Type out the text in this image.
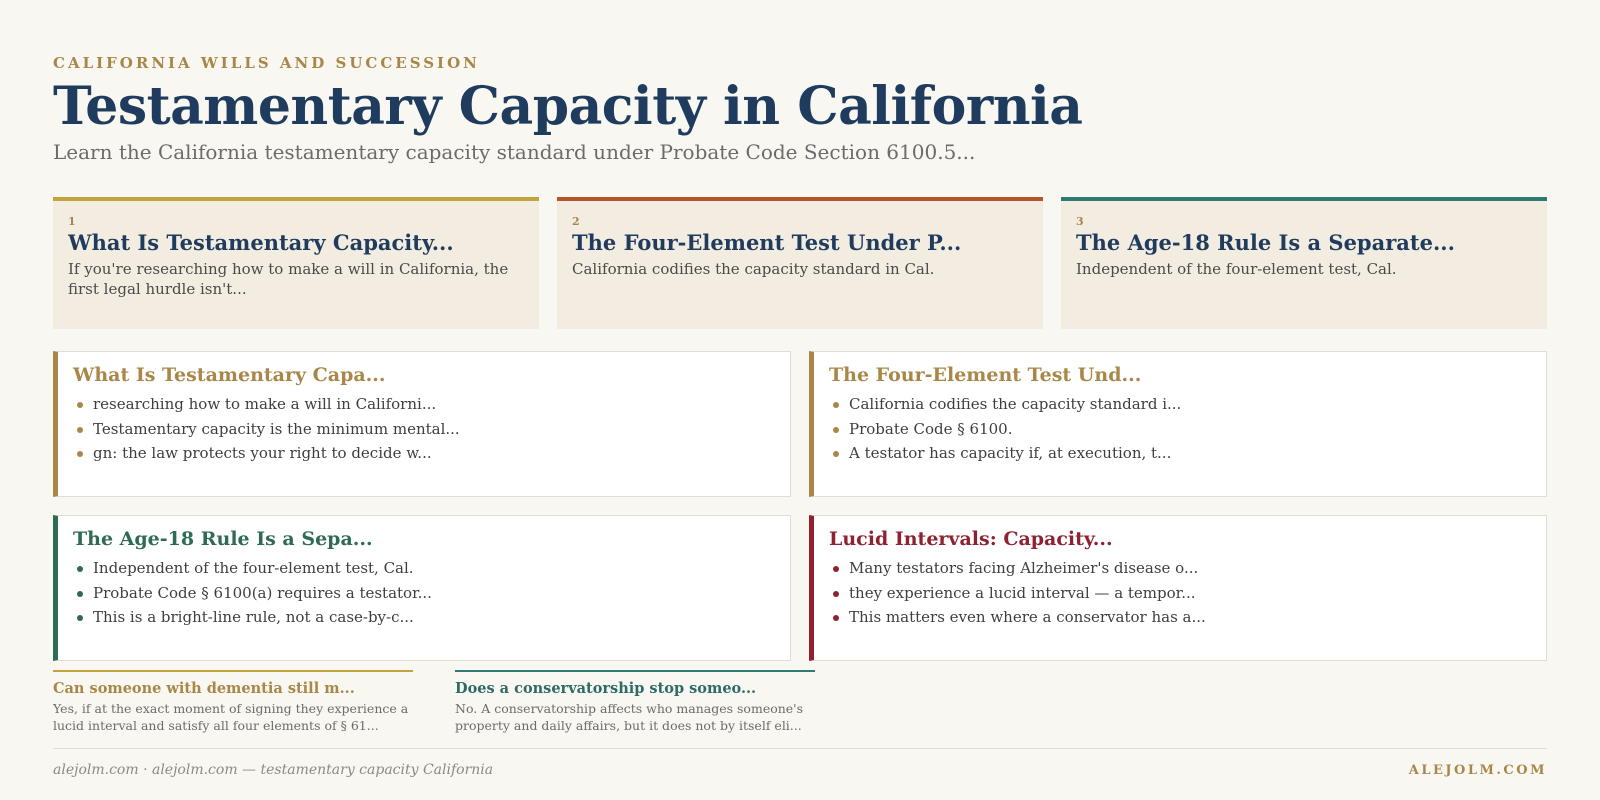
CALIFORNIA WILLS AND SUCCESSION
Testamentary Capacity in California

Learn the California testamentary capacity standard under Probate Code Section 6100.5...

1
What Is Testamentary Capacity...
If you're researching how to make a will in California, the first legal hurdle isn't...
2
The Four-Element Test Under P...
California codifies the capacity standard in Cal.
3
The Age-18 Rule Is a Separate...
Independent of the four-element test, Cal.
What Is Testamentary Capa...
researching how to make a will in Californi...
Testamentary capacity is the minimum mental...
gn: the law protects your right to decide w...
The Four-Element Test Und...
California codifies the capacity standard i...
Probate Code § 6100.
A testator has capacity if, at execution, t...
The Age-18 Rule Is a Sepa...
Independent of the four-element test, Cal.
Probate Code § 6100(a) requires a testator...
This is a bright-line rule, not a case-by-c...
Lucid Intervals: Capacity...
Many testators facing Alzheimer's disease o...
they experience a lucid interval — a tempor...
This matters even where a conservator has a...
Can someone with dementia still m...
Yes, if at the exact moment of signing they experience a lucid interval and satisfy all four elements of § 61...
Does a conservatorship stop someo...
No. A conservatorship affects who manages someone's property and daily affairs, but it does not by itself eli...
alejolm.com · alejolm.com — testamentary capacity California	ALEJOLM.COM
